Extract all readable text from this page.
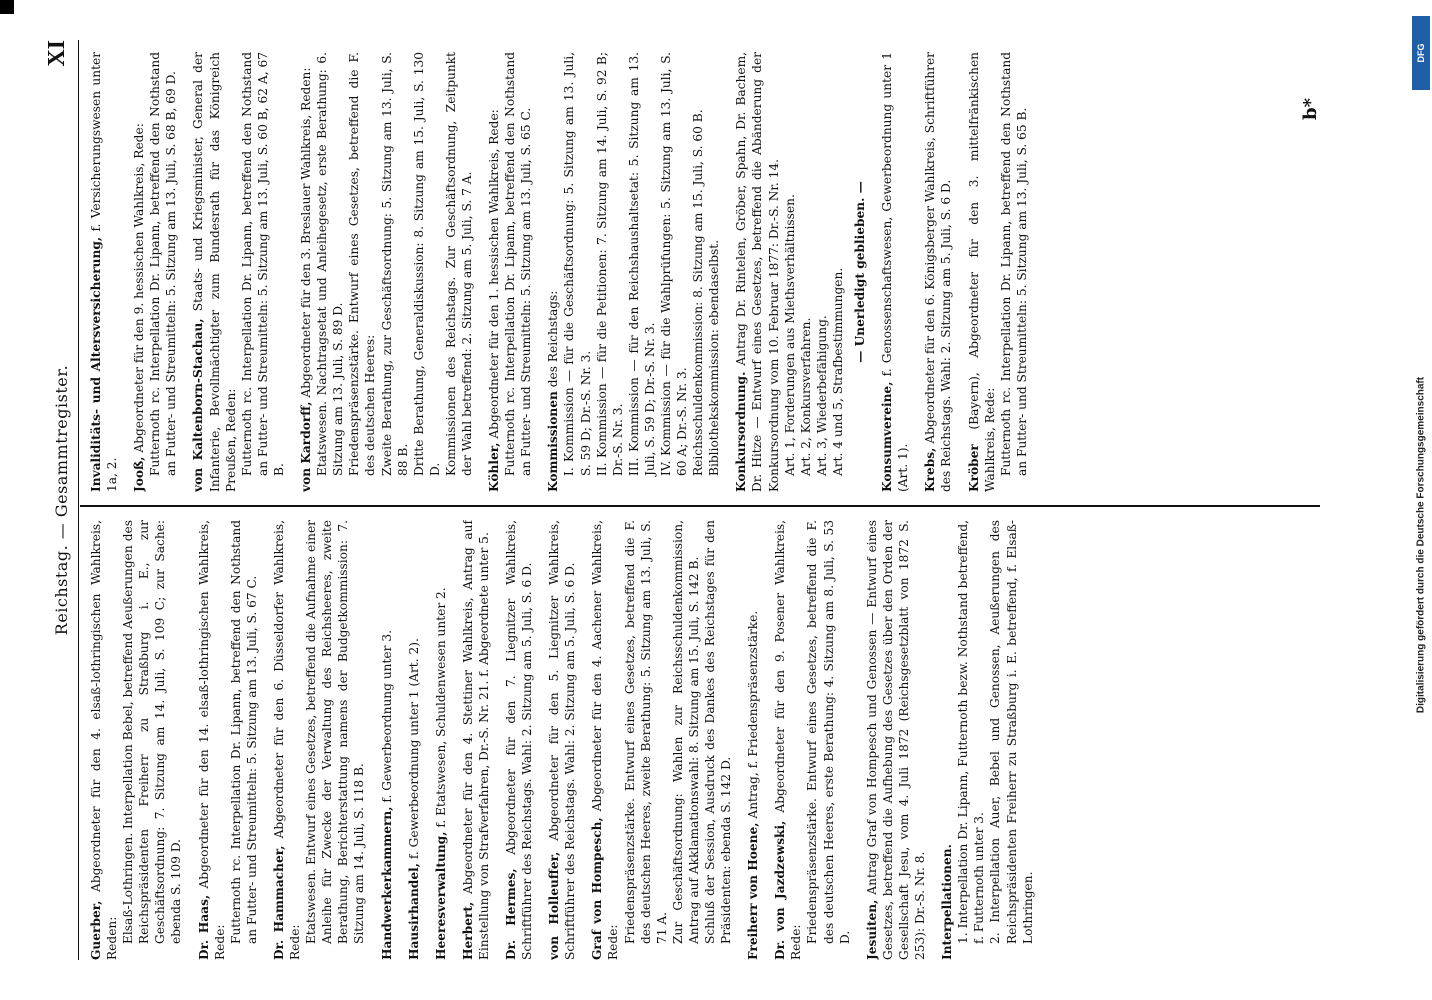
Reichstag. — Gesammtregister.
XI
Guerber, Abgeordneter für den 4. elsaß-lothringischen Wahlkreis, Reden: Elsaß-Lothringen. Interpellation Bebel, betreffend Aeußerungen des Reichspräsidenten Freiherr zu Straßburg i. E., zur Geschäftsordnung: 7. Sitzung am 14. Juli, S. 109 C; zur Sache: ebenda S. 109 D. Dr. Haas, Abgeordneter für den 14. elsaß-lothringischen Wahlkreis, Rede: Futternoth rc. Interpellation Dr. Lipann, betreffend den Nothstand an Futter- und Streumitteln: 5. Sitzung am 13. Juli, S. 67 C. Dr. Hammacher, Abgeordneter für den 6. Düsseldorfer Wahlkreis, Rede: Etatswesen. Entwurf eines Gesetzes, betreffend die Aufnahme einer Anleihe für Zwecke der Verwaltung des Reichsheeres, zweite Berathung, Berichterstattung namens der Budgetkommission: 7. Sitzung am 14. Juli, S. 118 B. Handwerkerkammern, f. Gewerbeordnung unter 3.
Hausirhandel, f. Gewerbeordnung unter 1 (Art. 2).
Heeresverwaltung, f. Etatswesen, Schuldenwesen unter 2.
Herbert, Abgeordneter für den 4. Stettiner Wahlkreis, Antrag auf Einstellung von Strafverfahren, Dr.-S. Nr. 21. f. Abgeordnete unter 5. Dr. Hermes, Abgeordneter für den 7. Liegnitzer Wahlkreis, Schriftführer des Reichstags. Wahl: 2. Sitzung am 5. Juli, S. 6 D. von Holleuffer, Abgeordneter für den 5. Liegnitzer Wahlkreis, Schriftführer des Reichstags. Wahl: 2. Sitzung am 5. Juli, S. 6 D. Graf von Hompesch, Abgeordneter für den 4. Aachener Wahlkreis, Rede: Friedenspräsenzstärke. Entwurf eines Gesetzes, betreffend die F. des deutschen Heeres, zweite Berathung: 5. Sitzung am 13. Juli, S. 71 A. Zur Geschäftsordnung: Wahlen zur Reichsschuldenkommission, Antrag auf Akklamationswahl: 8. Sitzung am 15. Juli, S. 142 B. Schluß der Session, Ausdruck des Dankes des Reichstages für den Präsidenten: ebenda S. 142 D. Freiherr von Hoene, Antrag, f. Friedenspräsenzstärke.
Dr. von Jazdzewski, Abgeordneter für den 9. Posener Wahlkreis, Rede: Friedenspräsenzstärke. Entwurf eines Gesetzes, betreffend die F. des deutschen Heeres, erste Berathung: 4. Sitzung am 8. Juli, S. 53 D. Jesuiten, Antrag Graf von Hompesch und Genossen — Entwurf eines Gesetzes, betreffend die Aufhebung des Gesetzes über den Orden der Gesellschaft Jesu, vom 4. Juli 1872 (Reichsgesetzblatt von 1872 S. 253): Dr.-S. Nr. 8. Interpellationen. 1. Interpellation Dr. Lipann, Futternoth bezw. Nothstand betreffend, f. Futternoth unter 3. 2. Interpellation Auer, Bebel und Genossen, Aeußerungen des Reichspräsidenten Freiherr zu Straßburg i. E. betreffend, f. Elsaß-Lothringen.
Invaliditäts- und Altersversicherung, f. Versicherungswesen unter 1a, 2. Jooß, Abgeordneter für den 9. hessischen Wahlkreis, Rede: Futternoth rc. Interpellation Dr. Lipann, betreffend den Nothstand an Futter- und Streumitteln: 5. Sitzung am 13. Juli, S. 68 B, 69 D. von Kaltenborn-Stachau, Staats- und Kriegsminister, General der Infanterie, Bevollmächtigter zum Bundesrath für das Königreich Preußen, Reden: Futternoth rc. Interpellation Dr. Lipann, betreffend den Nothstand an Futter- und Streumitteln: 5. Sitzung am 13. Juli, S. 60 B, 62 A, 67 B. von Kardorff, Abgeordneter für den 3. Breslauer Wahlkreis, Reden: Etatswesen. Nachtragsetat und Anleihegesetz, erste Berathung: 6. Sitzung am 13. Juli, S. 89 D. Friedenspräsenzstärke. Entwurf eines Gesetzes, betreffend die F. des deutschen Heeres: Zweite Berathung, zur Geschäftsordnung: 5. Sitzung am 13. Juli, S. 88 B. Dritte Berathung, Generaldiskussion: 8. Sitzung am 15. Juli, S. 130 D. Kommissionen des Reichstags. Zur Geschäftsordnung, Zeitpunkt der Wahl betreffend: 2. Sitzung am 5. Juli, S. 7 A. Köhler, Abgeordneter für den 1. hessischen Wahlkreis, Rede: Futternoth rc. Interpellation Dr. Lipann, betreffend den Nothstand an Futter- und Streumitteln: 5. Sitzung am 13. Juli, S. 65 C. Kommissionen des Reichstags: I. Kommission — für die Geschäftsordnung: 5. Sitzung am 13. Juli, S. 59 D; Dr.-S. Nr. 3. II. Kommission — für die Petitionen: 7. Sitzung am 14. Juli, S. 92 B; Dr.-S. Nr. 3. III. Kommission — für den Reichshaushaltsetat: 5. Sitzung am 13. Juli, S. 59 D; Dr.-S. Nr. 3. IV. Kommission — für die Wahlprüfungen: 5. Sitzung am 13. Juli, S. 60 A; Dr.-S. Nr. 3. Reichsschuldenkommission: 8. Sitzung am 15. Juli, S. 60 B. Bibliothekskommission: ebendaselbst. Konkursordnung. Antrag Dr. Rintelen, Gröber, Spahn, Dr. Bachem, Dr. Hitze — Entwurf eines Gesetzes, betreffend die Abänderung der Konkursordnung vom 10. Februar 1877: Dr.-S. Nr. 14. Art. 1, Forderungen aus Miethsverhältnissen. Art. 2, Konkursverfahren. Art. 3, Wiederbefähigung. Art. 4 und 5, Strafbestimmungen. — Unerledigt geblieben. —
Konsumvereine, f. Genossenschaftswesen, Gewerbeordnung unter 1 (Art. 1). Krebs, Abgeordneter für den 6. Königsberger Wahlkreis, Schriftführer des Reichstags. Wahl: 2. Sitzung am 5. Juli, S. 6 D. Kröber (Bayern), Abgeordneter für den 3. mittelfränkischen Wahlkreis, Rede: Futternoth rc. Interpellation Dr. Lipann, betreffend den Nothstand an Futter- und Streumitteln: 5. Sitzung am 13. Juli, S. 65 B.	b*
DFG
Digitalisierung gefördert durch die Deutsche Forschungsgemeinschaft
